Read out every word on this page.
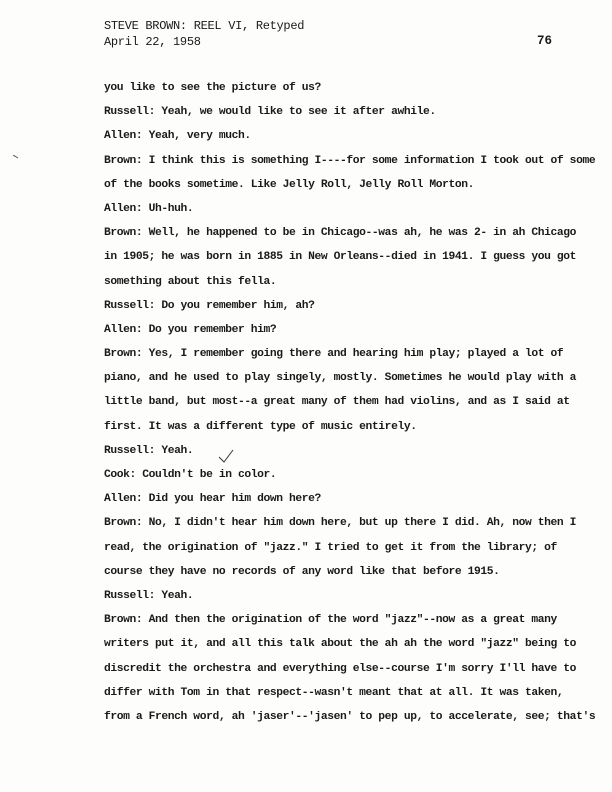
STEVE BROWN: REEL VI, Retyped
April 22, 1958	76
you like to see the picture of us?
Russell: Yeah, we would like to see it after awhile.
Allen: Yeah, very much.
Brown: I think this is something I----for some information I took out of some
of the books sometime. Like Jelly Roll, Jelly Roll Morton.
Allen: Uh-huh.
Brown: Well, he happened to be in Chicago--was ah, he was 2- in ah Chicago
in 1905; he was born in 1885 in New Orleans--died in 1941. I guess you got
something about this fella.
Russell: Do you remember him, ah?
Allen: Do you remember him?
Brown: Yes, I remember going there and hearing him play; played a lot of
piano, and he used to play singely, mostly. Sometimes he would play with a
little band, but most--a great many of them had violins, and as I said at
first. It was a different type of music entirely.
Russell: Yeah.
Cook: Couldn't be in color.
Allen: Did you hear him down here?
Brown: No, I didn't hear him down here, but up there I did. Ah, now then I
read, the origination of "jazz." I tried to get it from the library; of
course they have no records of any word like that before 1915.
Russell: Yeah.
Brown: And then the origination of the word "jazz"--now as a great many
writers put it, and all this talk about the ah ah the word "jazz" being to
discredit the orchestra and everything else--course I'm sorry I'll have to
differ with Tom in that respect--wasn't meant that at all. It was taken,
from a French word, ah 'jaser'--'jasen' to pep up, to accelerate, see; that's
